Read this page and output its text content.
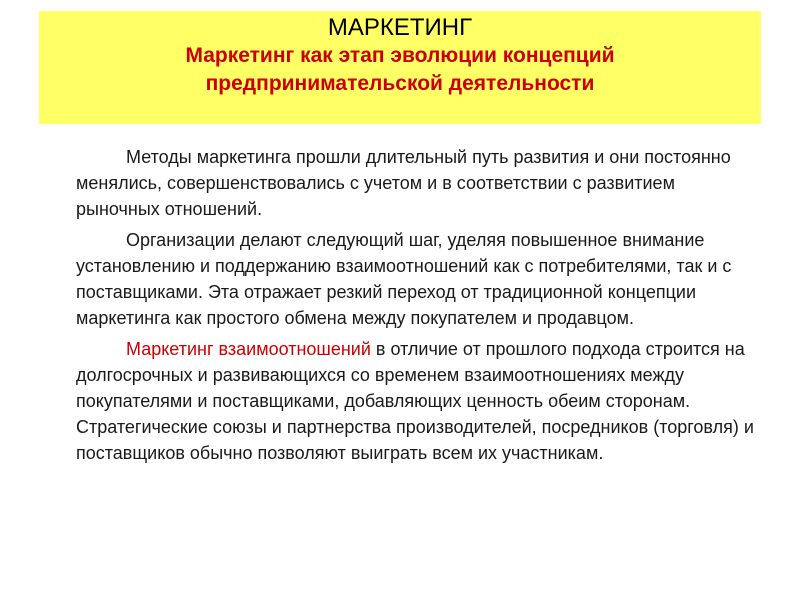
МАРКЕТИНГ
Маркетинг как этап эволюции концепций
предпринимательской деятельности

Методы маркетинга прошли длительный путь развития и они постоянно менялись, совершенствовались с учетом и в соответствии с развитием рыночных отношений.

Организации делают следующий шаг, уделяя повышенное внимание установлению и поддержанию взаимоотношений как с потребителями, так и с поставщиками. Эта отражает резкий переход от традиционной концепции маркетинга как простого обмена между покупателем и продавцом.

Маркетинг взаимоотношений в отличие от прошлого подхода строится на долгосрочных и развивающихся со временем взаимоотношениях между покупателями и поставщиками, добавляющих ценность обеим сторонам.
Стратегические союзы и партнерства производителей, посредников (торговля) и поставщиков обычно позволяют выиграть всем их участникам.
